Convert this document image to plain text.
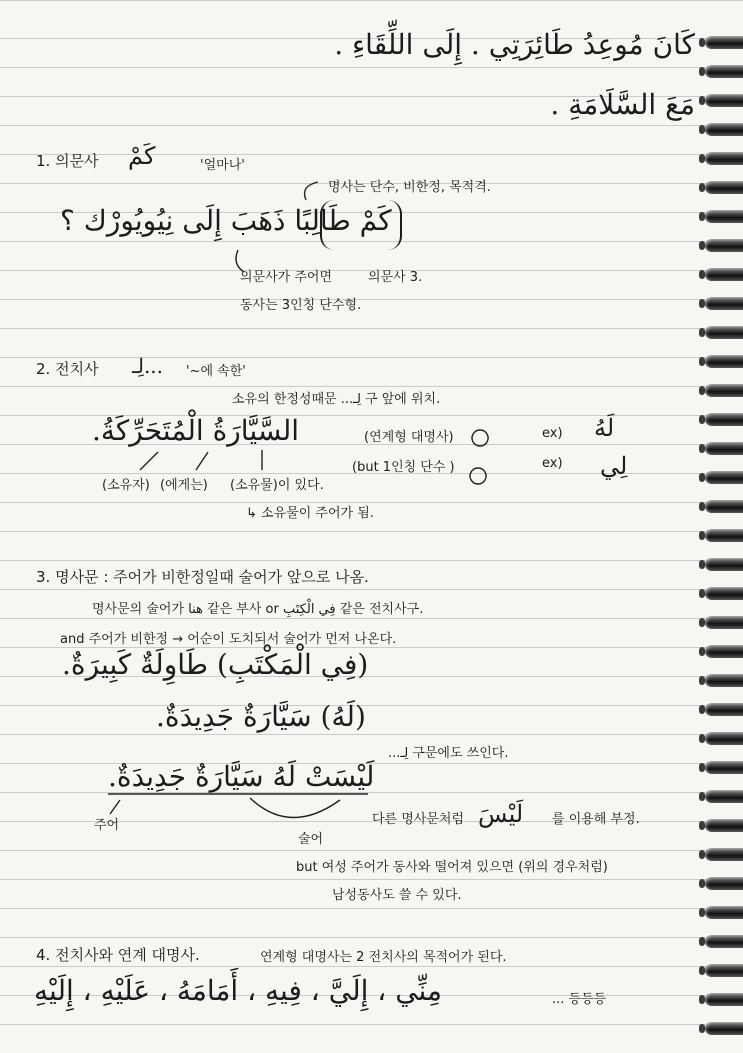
كَانَ مُوعِدُ طَائِرَتِي . إِلَى اللِّقَاءِ .
مَعَ السَّلَامَةِ .
1. 의문사 كَمْ	'얼마나'
명사는 단수, 비한정, 목적격.
كَمْ طَالِبًا ذَهَبَ إِلَى نِيُويُورْك ؟
의문사가 주어면	의문사 3.
동사는 3인칭 단수형.
2. 전치사 ...لِـ '~에 속한'
소유의 한정성때문 ...لِـ 구 앞에 위치.
السَّيَّارَةُ الْمُتَحَرِّكَةُ.	(연계형 대명사)	ex) لَهُ
(but 1인칭 단수 )	ex) لِي
(소유자) (에게는) (소유물)이 있다.
↳ 소유물이 주어가 됨.
3. 명사문 : 주어가 비한정일때 술어가 앞으로 나옴.
명사문의 술어가 هنا 같은 부사 or فِي الْكِتَبِ 같은 전치사구.
and 주어가 비한정 → 어순이 도치되서 술어가 먼저 나온다.
(فِي الْمَكْتَبِ) طَاوِلَةٌ كَبِيرَةٌ.
(لَهُ) سَيَّارَةٌ جَدِيدَةٌ.
...لِـ 구문에도 쓰인다.
لَيْسَتْ لَهُ سَيَّارَةٌ جَدِيدَةٌ.
다른 명사문처럼 لَيْسَ 를 이용해 부정.
주어
술어
but 여성 주어가 동사와 떨어져 있으면 (위의 경우처럼)
남성동사도 쓸 수 있다.
4. 전치사와 연계 대명사.	연계형 대명사는 2 전치사의 목적어가 된다.
مِنِّي ، إِلَيَّ ، فِيهِ ، أَمَامَهُ ، عَلَيْهِ ، إِلَيْهِ	... 등등등
